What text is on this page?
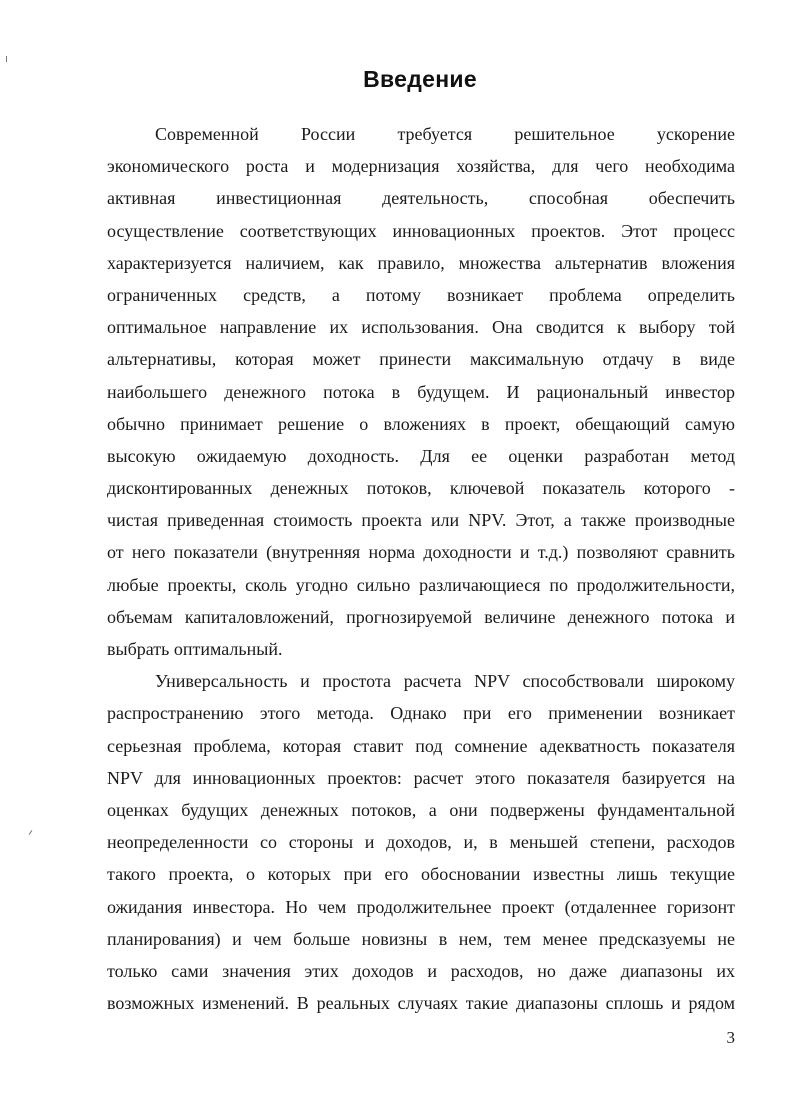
Введение
Современной России требуется решительное ускорение
экономического роста и модернизация хозяйства, для чего необходима
активная инвестиционная деятельность, способная обеспечить
осуществление соответствующих инновационных проектов. Этот процесс
характеризуется наличием, как правило, множества альтернатив вложения
ограниченных средств, а потому возникает проблема определить
оптимальное направление их использования. Она сводится к выбору той
альтернативы, которая может принести максимальную отдачу в виде
наибольшего денежного потока в будущем. И рациональный инвестор
обычно принимает решение о вложениях в проект, обещающий самую
высокую ожидаемую доходность. Для ее оценки разработан метод
дисконтированных денежных потоков, ключевой показатель которого -
чистая приведенная стоимость проекта или NPV. Этот, а также производные
от него показатели (внутренняя норма доходности и т.д.) позволяют сравнить
любые проекты, сколь угодно сильно различающиеся по продолжительности,
объемам капиталовложений, прогнозируемой величине денежного потока и
выбрать оптимальный.
Универсальность и простота расчета NPV способствовали широкому
распространению этого метода. Однако при его применении возникает
серьезная проблема, которая ставит под сомнение адекватность показателя
NPV для инновационных проектов: расчет этого показателя базируется на
оценках будущих денежных потоков, а они подвержены фундаментальной
неопределенности со стороны и доходов, и, в меньшей степени, расходов
такого проекта, о которых при его обосновании известны лишь текущие
ожидания инвестора. Но чем продолжительнее проект (отдаленнее горизонт
планирования) и чем больше новизны в нем, тем менее предсказуемы не
только сами значения этих доходов и расходов, но даже диапазоны их
возможных изменений. В реальных случаях такие диапазоны сплошь и рядом
3
